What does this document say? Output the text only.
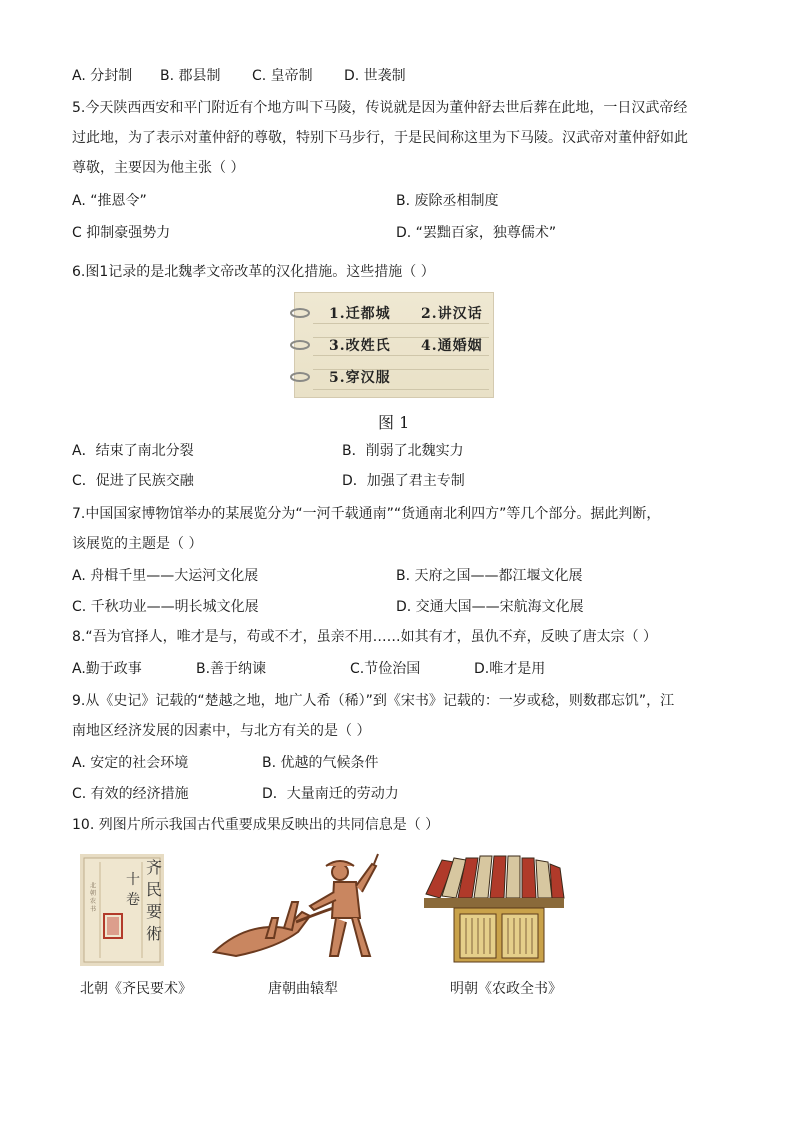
A. 分封制 B. 郡县制 C. 皇帝制 D. 世袭制
5.今天陕西西安和平门附近有个地方叫下马陵，传说就是因为董仲舒去世后葬在此地，一日汉武帝经
过此地，为了表示对董仲舒的尊敬，特别下马步行，于是民间称这里为下马陵。汉武帝对董仲舒如此
尊敬，主要因为他主张（ ）
A. “推恩令”	B. 废除丞相制度
C 抑制豪强势力	D. “罢黜百家，独尊儒术”
6.图1记录的是北魏孝文帝改革的汉化措施。这些措施（ ）
1.迁都城 2.讲汉话
3.改姓氏 4.通婚姻
5.穿汉服
图 1
A．结束了南北分裂	B．削弱了北魏实力
C．促进了民族交融	D．加强了君主专制
7.中国国家博物馆举办的某展览分为“一河千载通南”“货通南北利四方”等几个部分。据此判断，
该展览的主题是（ ）
A. 舟楫千里——大运河文化展	B. 天府之国——都江堰文化展
C. 千秋功业——明长城文化展	D. 交通大国——宋航海文化展
8.“吾为官择人，唯才是与，苟或不才，虽亲不用……如其有才，虽仇不弃，反映了唐太宗（ ）
A.勤于政事	B.善于纳谏	C.节俭治国	D.唯才是用
9.从《史记》记载的“楚越之地，地广人希（稀）”到《宋书》记载的：一岁或稔，则数郡忘饥”，江
南地区经济发展的因素中，与北方有关的是（ ）
A. 安定的社会环境	B. 优越的气候条件
C. 有效的经济措施	D．大量南迁的劳动力
10. 列图片所示我国古代重要成果反映出的共同信息是（ ）
北 朝 农 书
齐
民
要
術
十
卷
北朝《齐民要术》	唐朝曲辕犁	明朝《农政全书》
